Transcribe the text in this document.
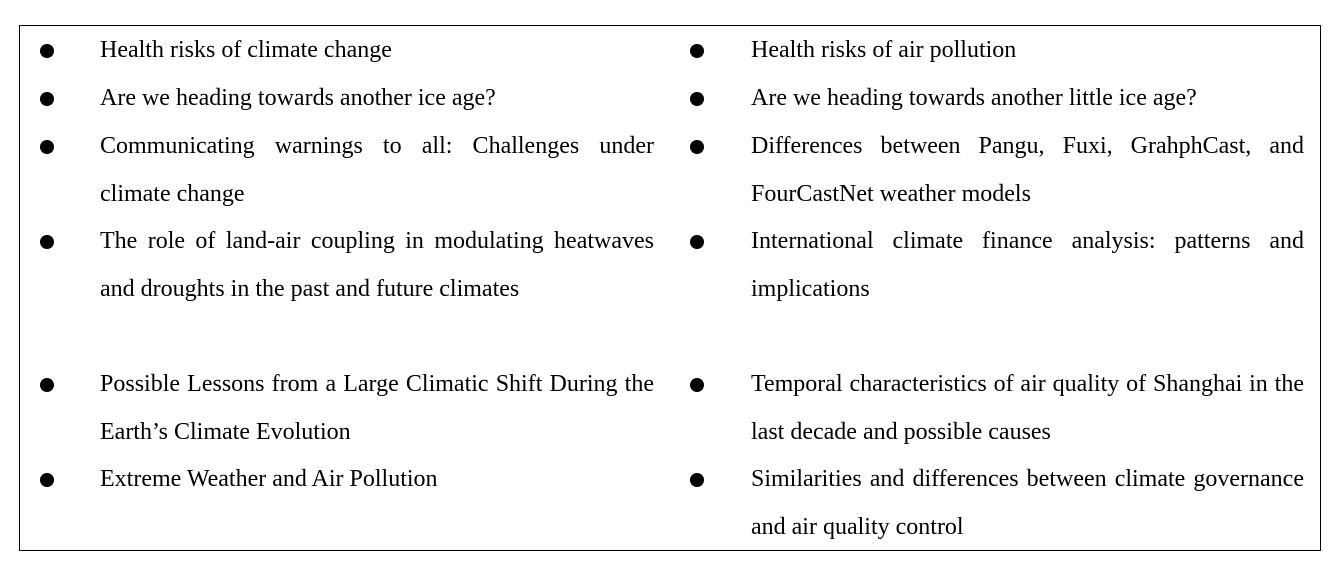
Health risks of climate change
Are we heading towards another ice age?
Communicating warnings to all: Challenges under climate change
The role of land-air coupling in modulating heatwaves and droughts in the past and future climates
Possible Lessons from a Large Climatic Shift During the Earth’s Climate Evolution
Extreme Weather and Air Pollution
Health risks of air pollution
Are we heading towards another little ice age?
Differences between Pangu, Fuxi, GrahphCast, and FourCastNet weather models
International climate finance analysis: patterns and implications
Temporal characteristics of air quality of Shanghai in the last decade and possible causes
Similarities and differences between climate governance and air quality control
